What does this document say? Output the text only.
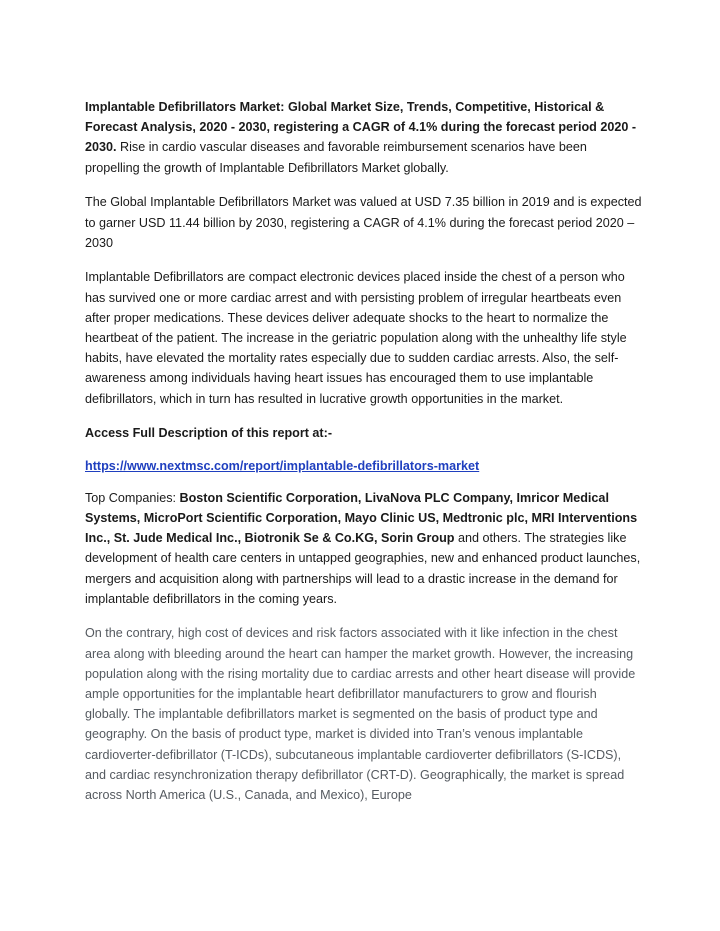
Implantable Defibrillators Market: Global Market Size, Trends, Competitive, Historical & Forecast Analysis, 2020 - 2030, registering a CAGR of 4.1% during the forecast period 2020 - 2030. Rise in cardio vascular diseases and favorable reimbursement scenarios have been propelling the growth of Implantable Defibrillators Market globally.

The Global Implantable Defibrillators Market was valued at USD 7.35 billion in 2019 and is expected to garner USD 11.44 billion by 2030, registering a CAGR of 4.1% during the forecast period 2020 – 2030

Implantable Defibrillators are compact electronic devices placed inside the chest of a person who has survived one or more cardiac arrest and with persisting problem of irregular heartbeats even after proper medications. These devices deliver adequate shocks to the heart to normalize the heartbeat of the patient. The increase in the geriatric population along with the unhealthy life style habits, have elevated the mortality rates especially due to sudden cardiac arrests. Also, the self-awareness among individuals having heart issues has encouraged them to use implantable defibrillators, which in turn has resulted in lucrative growth opportunities in the market.

Access Full Description of this report at:-

https://www.nextmsc.com/report/implantable-defibrillators-market

Top Companies: Boston Scientific Corporation, LivaNova PLC Company, Imricor Medical Systems, MicroPort Scientific Corporation, Mayo Clinic US, Medtronic plc, MRI Interventions Inc., St. Jude Medical Inc., Biotronik Se & Co.KG, Sorin Group and others. The strategies like development of health care centers in untapped geographies, new and enhanced product launches, mergers and acquisition along with partnerships will lead to a drastic increase in the demand for implantable defibrillators in the coming years.

On the contrary, high cost of devices and risk factors associated with it like infection in the chest area along with bleeding around the heart can hamper the market growth. However, the increasing population along with the rising mortality due to cardiac arrests and other heart disease will provide ample opportunities for the implantable heart defibrillator manufacturers to grow and flourish globally. The implantable defibrillators market is segmented on the basis of product type and geography. On the basis of product type, market is divided into Tran’s venous implantable cardioverter-defibrillator (T-ICDs), subcutaneous implantable cardioverter defibrillators (S-ICDS), and cardiac resynchronization therapy defibrillator (CRT-D). Geographically, the market is spread across North America (U.S., Canada, and Mexico), Europe
